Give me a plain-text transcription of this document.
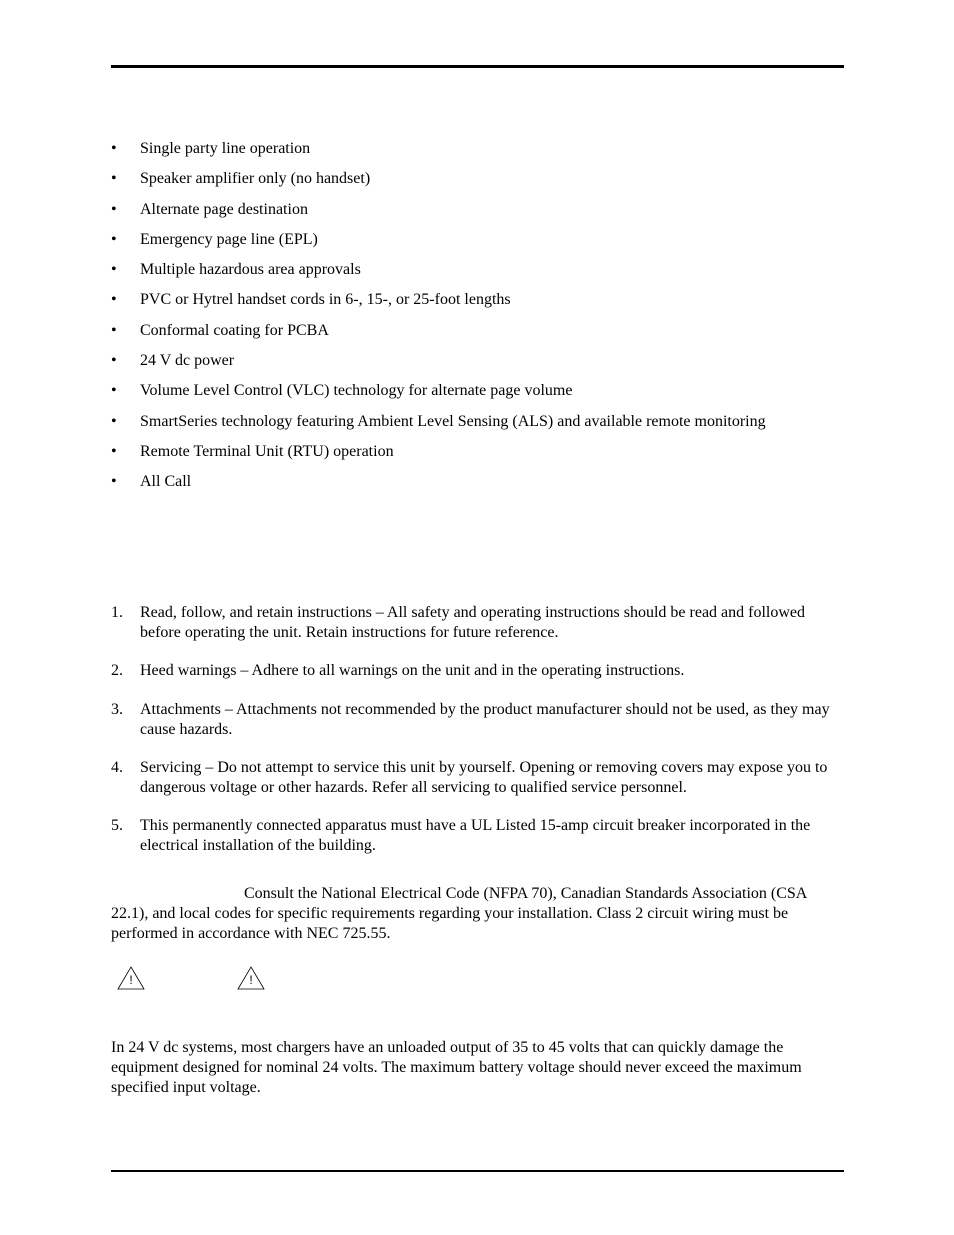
•	Single party line operation
•	Speaker amplifier only (no handset)
•	Alternate page destination
•	Emergency page line (EPL)
•	Multiple hazardous area approvals
•	PVC or Hytrel handset cords in 6-, 15-, or 25-foot lengths
•	Conformal coating for PCBA
•	24 V dc power
•	Volume Level Control (VLC) technology for alternate page volume
•	SmartSeries technology featuring Ambient Level Sensing (ALS) and available remote monitoring
•	Remote Terminal Unit (RTU) operation
•	All Call
1. Read, follow, and retain instructions – All safety and operating instructions should be read and followed before operating the unit. Retain instructions for future reference.
2. Heed warnings – Adhere to all warnings on the unit and in the operating instructions.
3. Attachments – Attachments not recommended by the product manufacturer should not be used, as they may cause hazards.
4. Servicing – Do not attempt to service this unit by yourself. Opening or removing covers may expose you to dangerous voltage or other hazards. Refer all servicing to qualified service personnel.
5. This permanently connected apparatus must have a UL Listed 15-amp circuit breaker incorporated in the electrical installation of the building.
Consult the National Electrical Code (NFPA 70), Canadian Standards Association (CSA 22.1), and local codes for specific requirements regarding your installation. Class 2 circuit wiring must be performed in accordance with NEC 725.55.
!	!
In 24 V dc systems, most chargers have an unloaded output of 35 to 45 volts that can quickly damage the equipment designed for nominal 24 volts. The maximum battery voltage should never exceed the maximum specified input voltage.
